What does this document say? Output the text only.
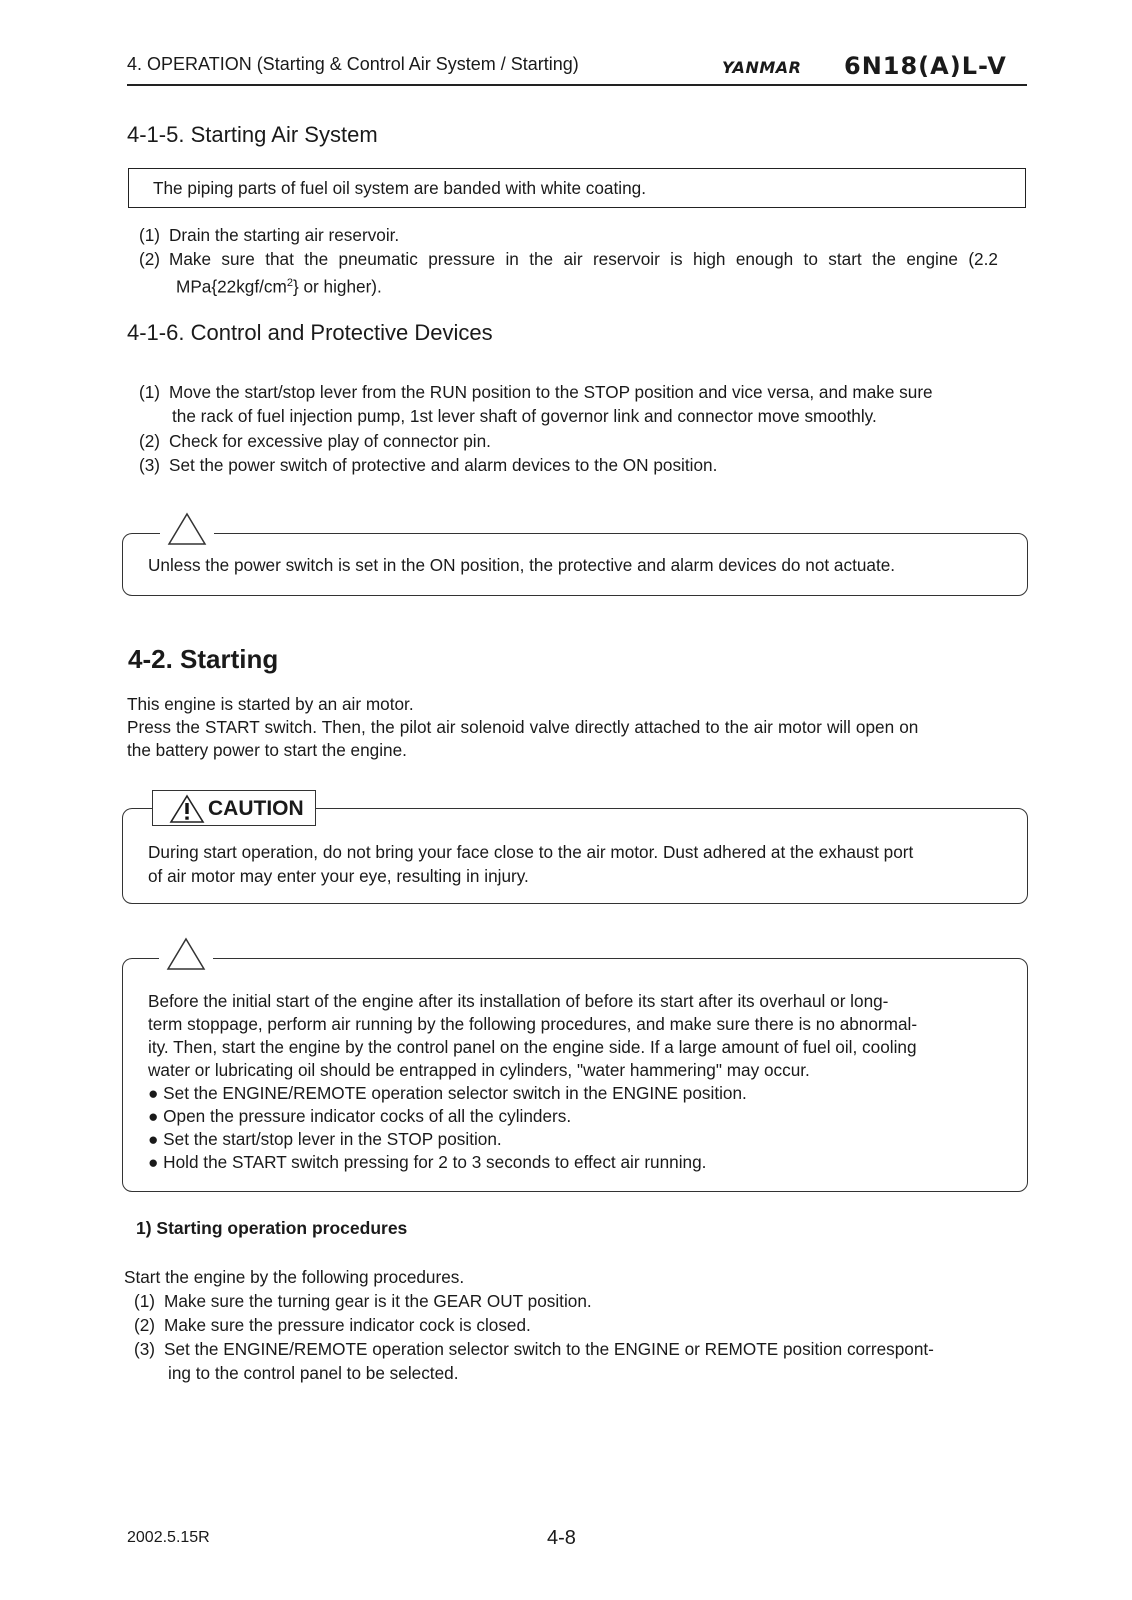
4. OPERATION (Starting & Control Air System / Starting)	YANMAR 6N18(A)L-V
4-1-5. Starting Air System
The piping parts of fuel oil system are banded with white coating.
(1) Drain the starting air reservoir.
(2) Make sure that the pneumatic pressure in the air reservoir is high enough to start the engine (2.2
$MPa\{22kgf/cm^2\}$ or higher).
4-1-6. Control and Protective Devices
(1) Move the start/stop lever from the RUN position to the STOP position and vice versa, and make sure
the rack of fuel injection pump, 1st lever shaft of governor link and connector move smoothly.
(2) Check for excessive play of connector pin.
(3) Set the power switch of protective and alarm devices to the ON position.
Unless the power switch is set in the ON position, the protective and alarm devices do not actuate.
4-2. Starting
This engine is started by an air motor.
Press the START switch. Then, the pilot air solenoid valve directly attached to the air motor will open on
the battery power to start the engine.
During start operation, do not bring your face close to the air motor. Dust adhered at the exhaust port
of air motor may enter your eye, resulting in injury.
CAUTION
Before the initial start of the engine after its installation of before its start after its overhaul or long-
term stoppage, perform air running by the following procedures, and make sure there is no abnormal-
ity. Then, start the engine by the control panel on the engine side. If a large amount of fuel oil, cooling
water or lubricating oil should be entrapped in cylinders, "water hammering" may occur.
● Set the ENGINE/REMOTE operation selector switch in the ENGINE position.
● Open the pressure indicator cocks of all the cylinders.
● Set the start/stop lever in the STOP position.
● Hold the START switch pressing for 2 to 3 seconds to effect air running.
1) Starting operation procedures
Start the engine by the following procedures.
(1) Make sure the turning gear is it the GEAR OUT position.
(2) Make sure the pressure indicator cock is closed.
(3) Set the ENGINE/REMOTE operation selector switch to the ENGINE or REMOTE position correspont-
ing to the control panel to be selected.
2002.5.15R	4-8
